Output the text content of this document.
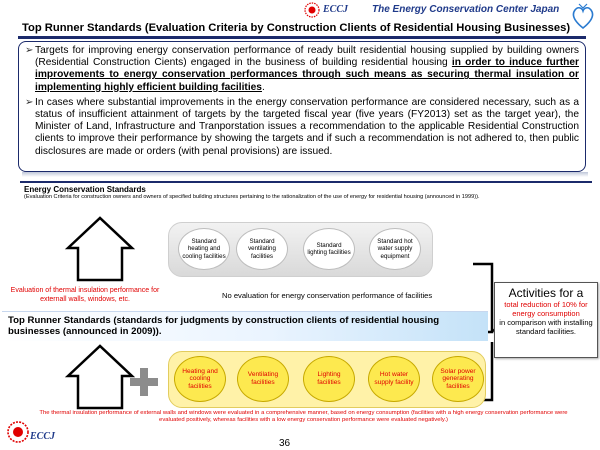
ECCJ The Energy Conservation Center Japan
Top Runner Standards (Evaluation Criteria by Construction Clients of Residential Housing Businesses)
➢ Targets for improving energy conservation performance of ready built residential housing supplied by building owners (Residential Construction Cients) engaged in the business of building residential housing in order to induce further improvements to energy conservation performances through such means as securing thermal insulation or implementing highly efficient building facilities.
➢ In cases where substantial improvements in the energy conservation performance are considered necessary, such as a status of insufficient attainment of targets by the targeted fiscal year (five years (FY2013) set as the target year), the Minister of Land, Infrastructure and Tranporstation issues a recommendation to the applicable Residential Construction clients to improve their performance by showing the targets and if such a recommendation is not adhered to, then public disclosures are made or orders (with penal provisions) are issued.
Energy Conservation Standards
(Evaluation Criteria for construction owners and owners of specified building structures pertaining to the rationalization of the use of energy for residential housing (announced in 1999)).
Standard heating and cooling facilities
Standard ventilating facilities
Standard lighting facilities
Standard hot water supply equipment
Evaluation of thermal insulation performance for externall walls, windows, etc.	No evaluation for energy conservation performance of facilities	Activities for a
total reduction of 10% for energy consumption
in comparison with installing standard facilities.
Top Runner Standards (standards for judgments by construction clients of residential housing businesses (announced in 2009)).
Heating and cooling facilities
Ventilating facilities
Lighting facilities
Hot water supply facility
Solar power generating facilities
The thermal insulation performance of external walls and windows were evaluated in a comprehensive manner, based on energy consumption (facilities with a high energy conservation performance were evaluated positively, whereas facilities with a low energy conservation performance were evaluated negatively.)
ECCJ
36
